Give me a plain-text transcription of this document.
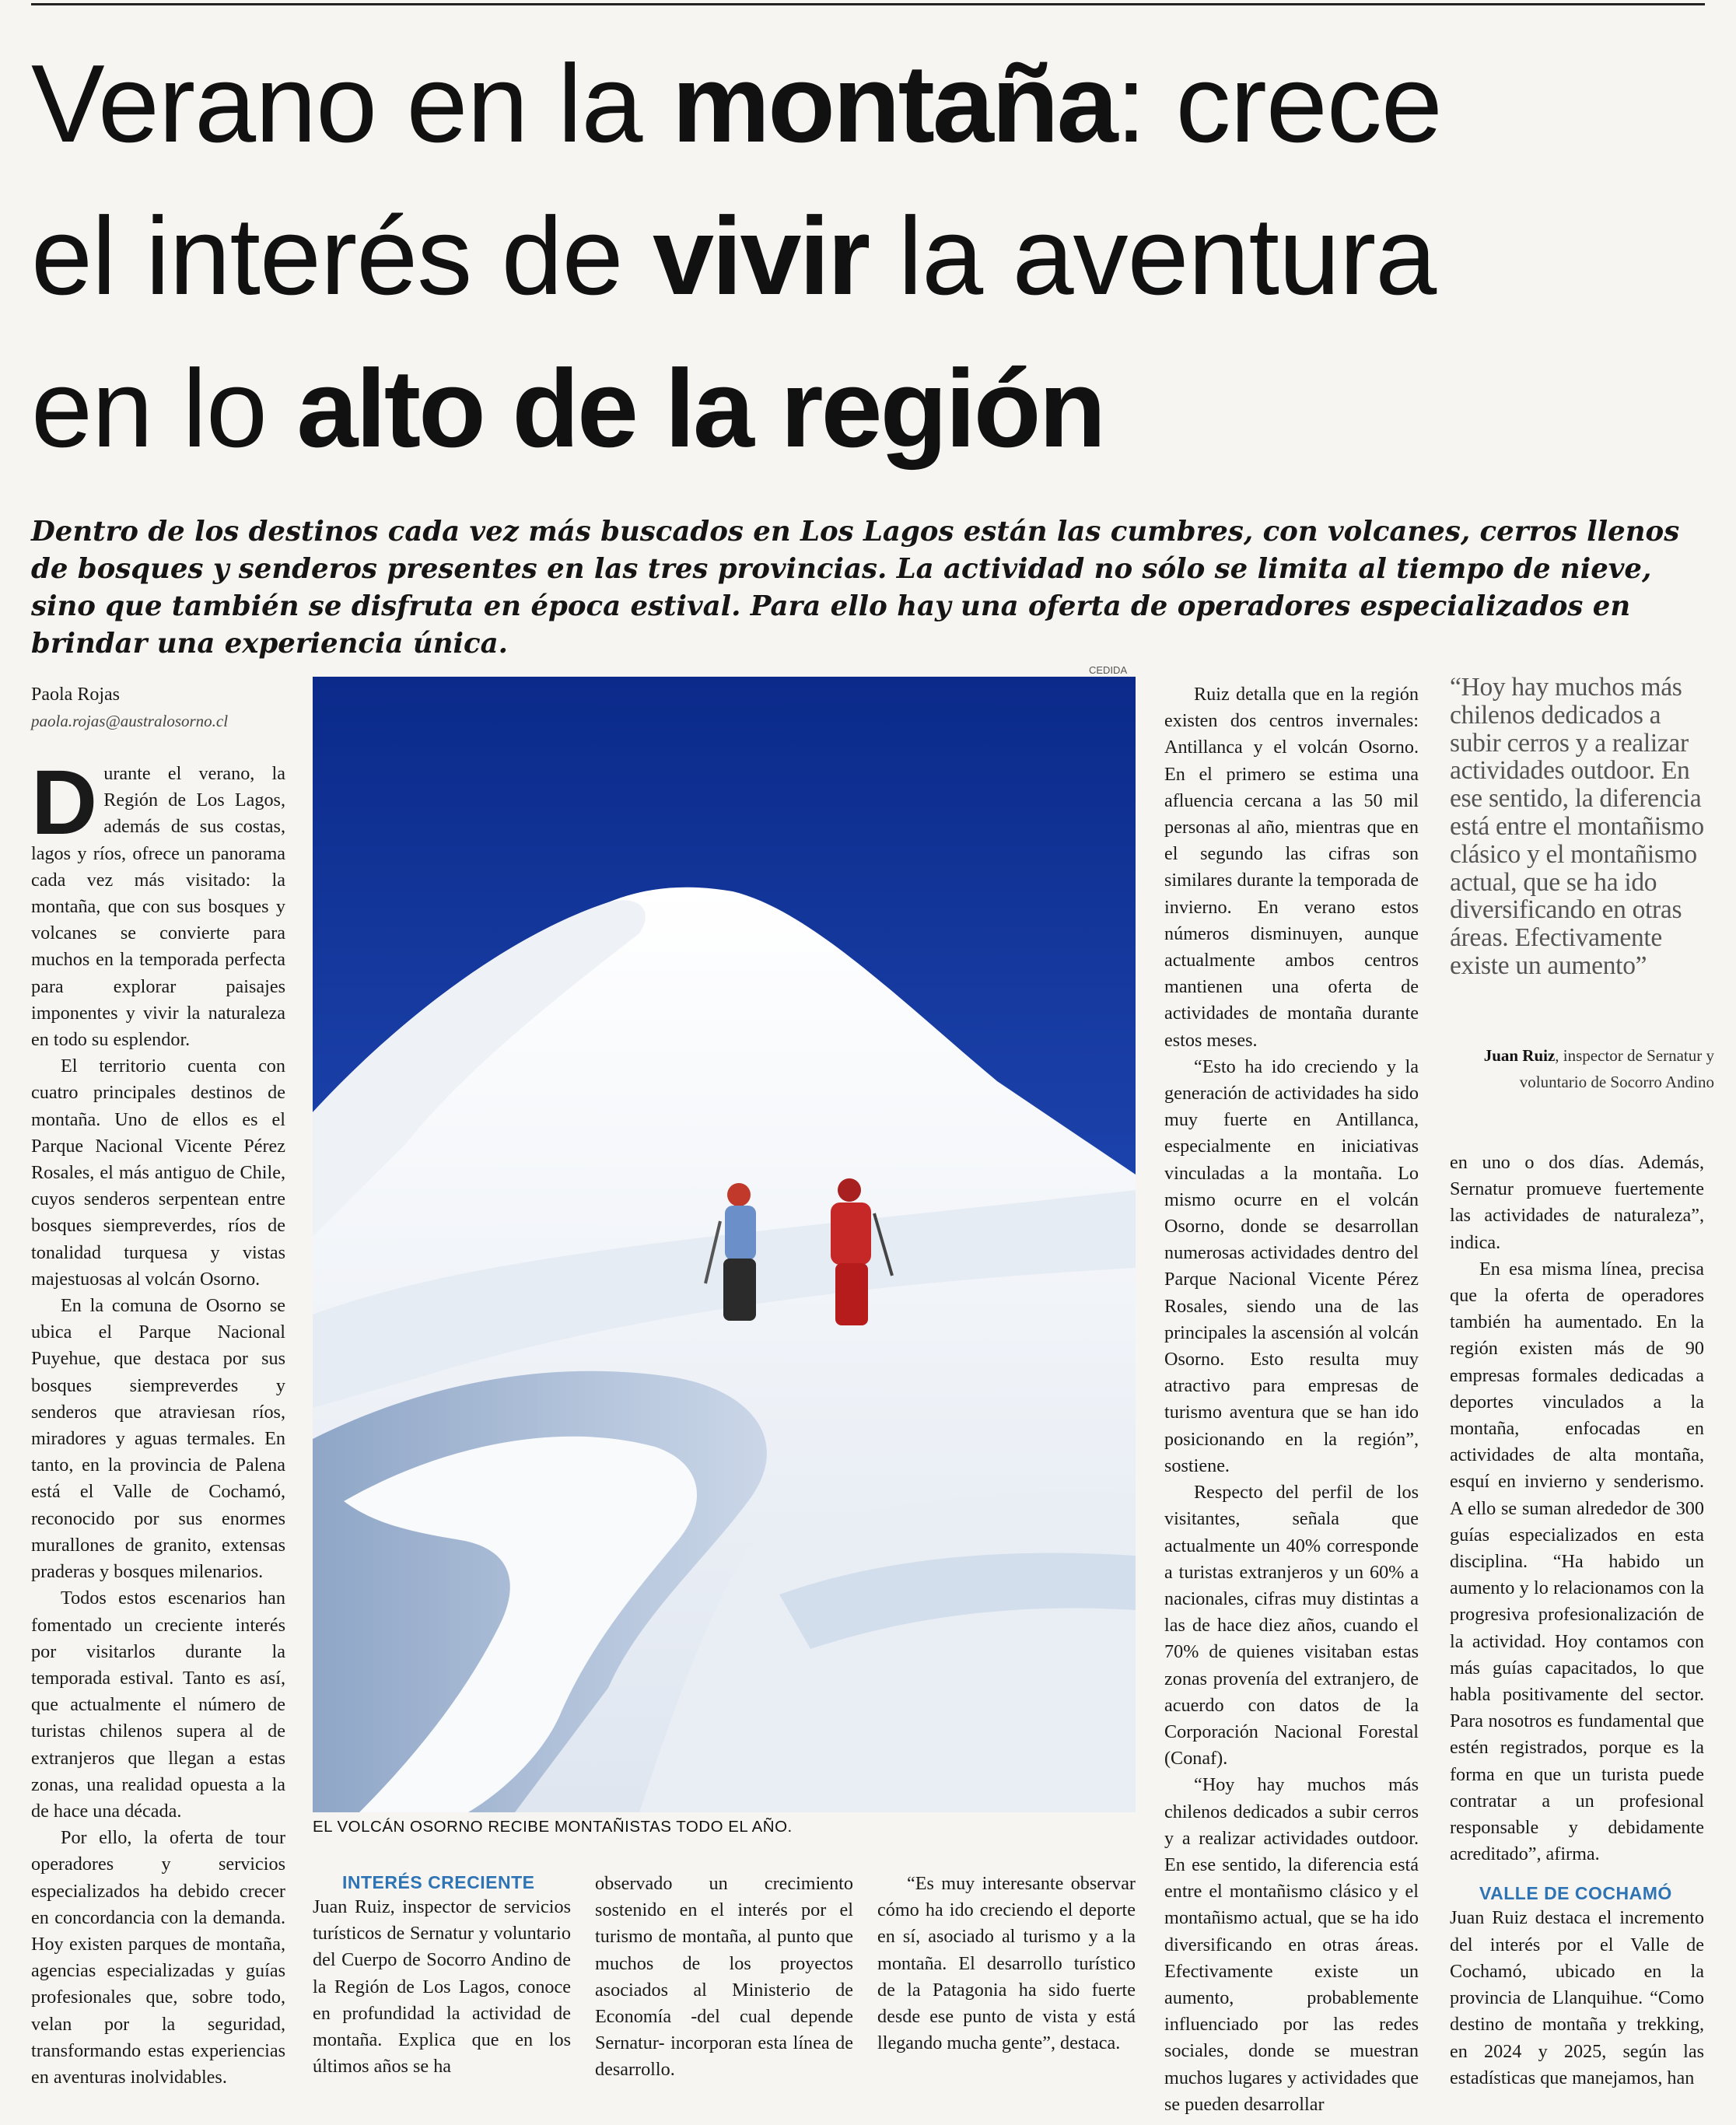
Verano en la montaña: crece
el interés de vivir la aventura
en lo alto de la región

Dentro de los destinos cada vez más buscados en Los Lagos están las cumbres, con volcanes, cerros llenos de bosques y senderos presentes en las tres provincias. La actividad no sólo se limita al tiempo de nieve, sino que también se disfruta en época estival. Para ello hay una oferta de operadores especializados en brindar una experiencia única.

Paola Rojas
paola.rojas@australosorno.cl

Durante el verano, la Región de Los Lagos, además de sus costas, lagos y ríos, ofrece un panorama cada vez más visitado: la montaña, que con sus bosques y volcanes se convierte para muchos en la temporada perfecta para explorar paisajes imponentes y vivir la naturaleza en todo su esplendor.

El territorio cuenta con cuatro principales destinos de montaña. Uno de ellos es el Parque Nacional Vicente Pérez Rosales, el más antiguo de Chile, cuyos senderos serpentean entre bosques siempreverdes, ríos de tonalidad turquesa y vistas majestuosas al volcán Osorno.

En la comuna de Osorno se ubica el Parque Nacional Puyehue, que destaca por sus bosques siempreverdes y senderos que atraviesan ríos, miradores y aguas termales. En tanto, en la provincia de Palena está el Valle de Cochamó, reconocido por sus enormes murallones de granito, extensas praderas y bosques milenarios.

Todos estos escenarios han fomentado un creciente interés por visitarlos durante la temporada estival. Tanto es así, que actualmente el número de turistas chilenos supera al de extranjeros que llegan a estas zonas, una realidad opuesta a la de hace una década.

Por ello, la oferta de tour operadores y servicios especializados ha debido crecer en concordancia con la demanda. Hoy existen parques de montaña, agencias especializadas y guías profesionales que, sobre todo, velan por la seguridad, transformando estas experiencias en aventuras inolvidables.

CEDIDA
EL VOLCÁN OSORNO RECIBE MONTAÑISTAS TODO EL AÑO.

INTERÉS CRECIENTE

Juan Ruiz, inspector de servicios turísticos de Sernatur y voluntario del Cuerpo de Socorro Andino de la Región de Los Lagos, conoce en profundidad la actividad de montaña. Explica que en los últimos años se ha

observado un crecimiento sostenido en el interés por el turismo de montaña, al punto que muchos de los proyectos asociados al Ministerio de Economía -del cual depende Sernatur- incorporan esta línea de desarrollo.

“Es muy interesante observar cómo ha ido creciendo el deporte en sí, asociado al turismo y a la montaña. El desarrollo turístico de la Patagonia ha sido fuerte desde ese punto de vista y está llegando mucha gente”, destaca.

Ruiz detalla que en la región existen dos centros invernales: Antillanca y el volcán Osorno. En el primero se estima una afluencia cercana a las 50 mil personas al año, mientras que en el segundo las cifras son similares durante la temporada de invierno. En verano estos números disminuyen, aunque actualmente ambos centros mantienen una oferta de actividades de montaña durante estos meses.

“Esto ha ido creciendo y la generación de actividades ha sido muy fuerte en Antillanca, especialmente en iniciativas vinculadas a la montaña. Lo mismo ocurre en el volcán Osorno, donde se desarrollan numerosas actividades dentro del Parque Nacional Vicente Pérez Rosales, siendo una de las principales la ascensión al volcán Osorno. Esto resulta muy atractivo para empresas de turismo aventura que se han ido posicionando en la región”, sostiene.

Respecto del perfil de los visitantes, señala que actualmente un 40% corresponde a turistas extranjeros y un 60% a nacionales, cifras muy distintas a las de hace diez años, cuando el 70% de quienes visitaban estas zonas provenía del extranjero, de acuerdo con datos de la Corporación Nacional Forestal (Conaf).

“Hoy hay muchos más chilenos dedicados a subir cerros y a realizar actividades outdoor. En ese sentido, la diferencia está entre el montañismo clásico y el montañismo actual, que se ha ido diversificando en otras áreas. Efectivamente existe un aumento, probablemente influenciado por las redes sociales, donde se muestran muchos lugares y actividades que se pueden desarrollar

“Hoy hay muchos más chilenos dedicados a subir cerros y a realizar actividades outdoor. En ese sentido, la diferencia está entre el montañismo clásico y el montañismo actual, que se ha ido diversificando en otras áreas. Efectivamente existe un aumento”

Juan Ruiz, inspector de Sernatur y voluntario de Socorro Andino

en uno o dos días. Además, Sernatur promueve fuertemente las actividades de naturaleza”, indica.

En esa misma línea, precisa que la oferta de operadores también ha aumentado. En la región existen más de 90 empresas formales dedicadas a deportes vinculados a la montaña, enfocadas en actividades de alta montaña, esquí en invierno y senderismo. A ello se suman alrededor de 300 guías especializados en esta disciplina. “Ha habido un aumento y lo relacionamos con la progresiva profesionalización de la actividad. Hoy contamos con más guías capacitados, lo que habla positivamente del sector. Para nosotros es fundamental que estén registrados, porque es la forma en que un turista puede contratar a un profesional responsable y debidamente acreditado”, afirma.

VALLE DE COCHAMÓ

Juan Ruiz destaca el incremento del interés por el Valle de Cochamó, ubicado en la provincia de Llanquihue. “Como destino de montaña y trekking, en 2024 y 2025, según las estadísticas que manejamos, han
